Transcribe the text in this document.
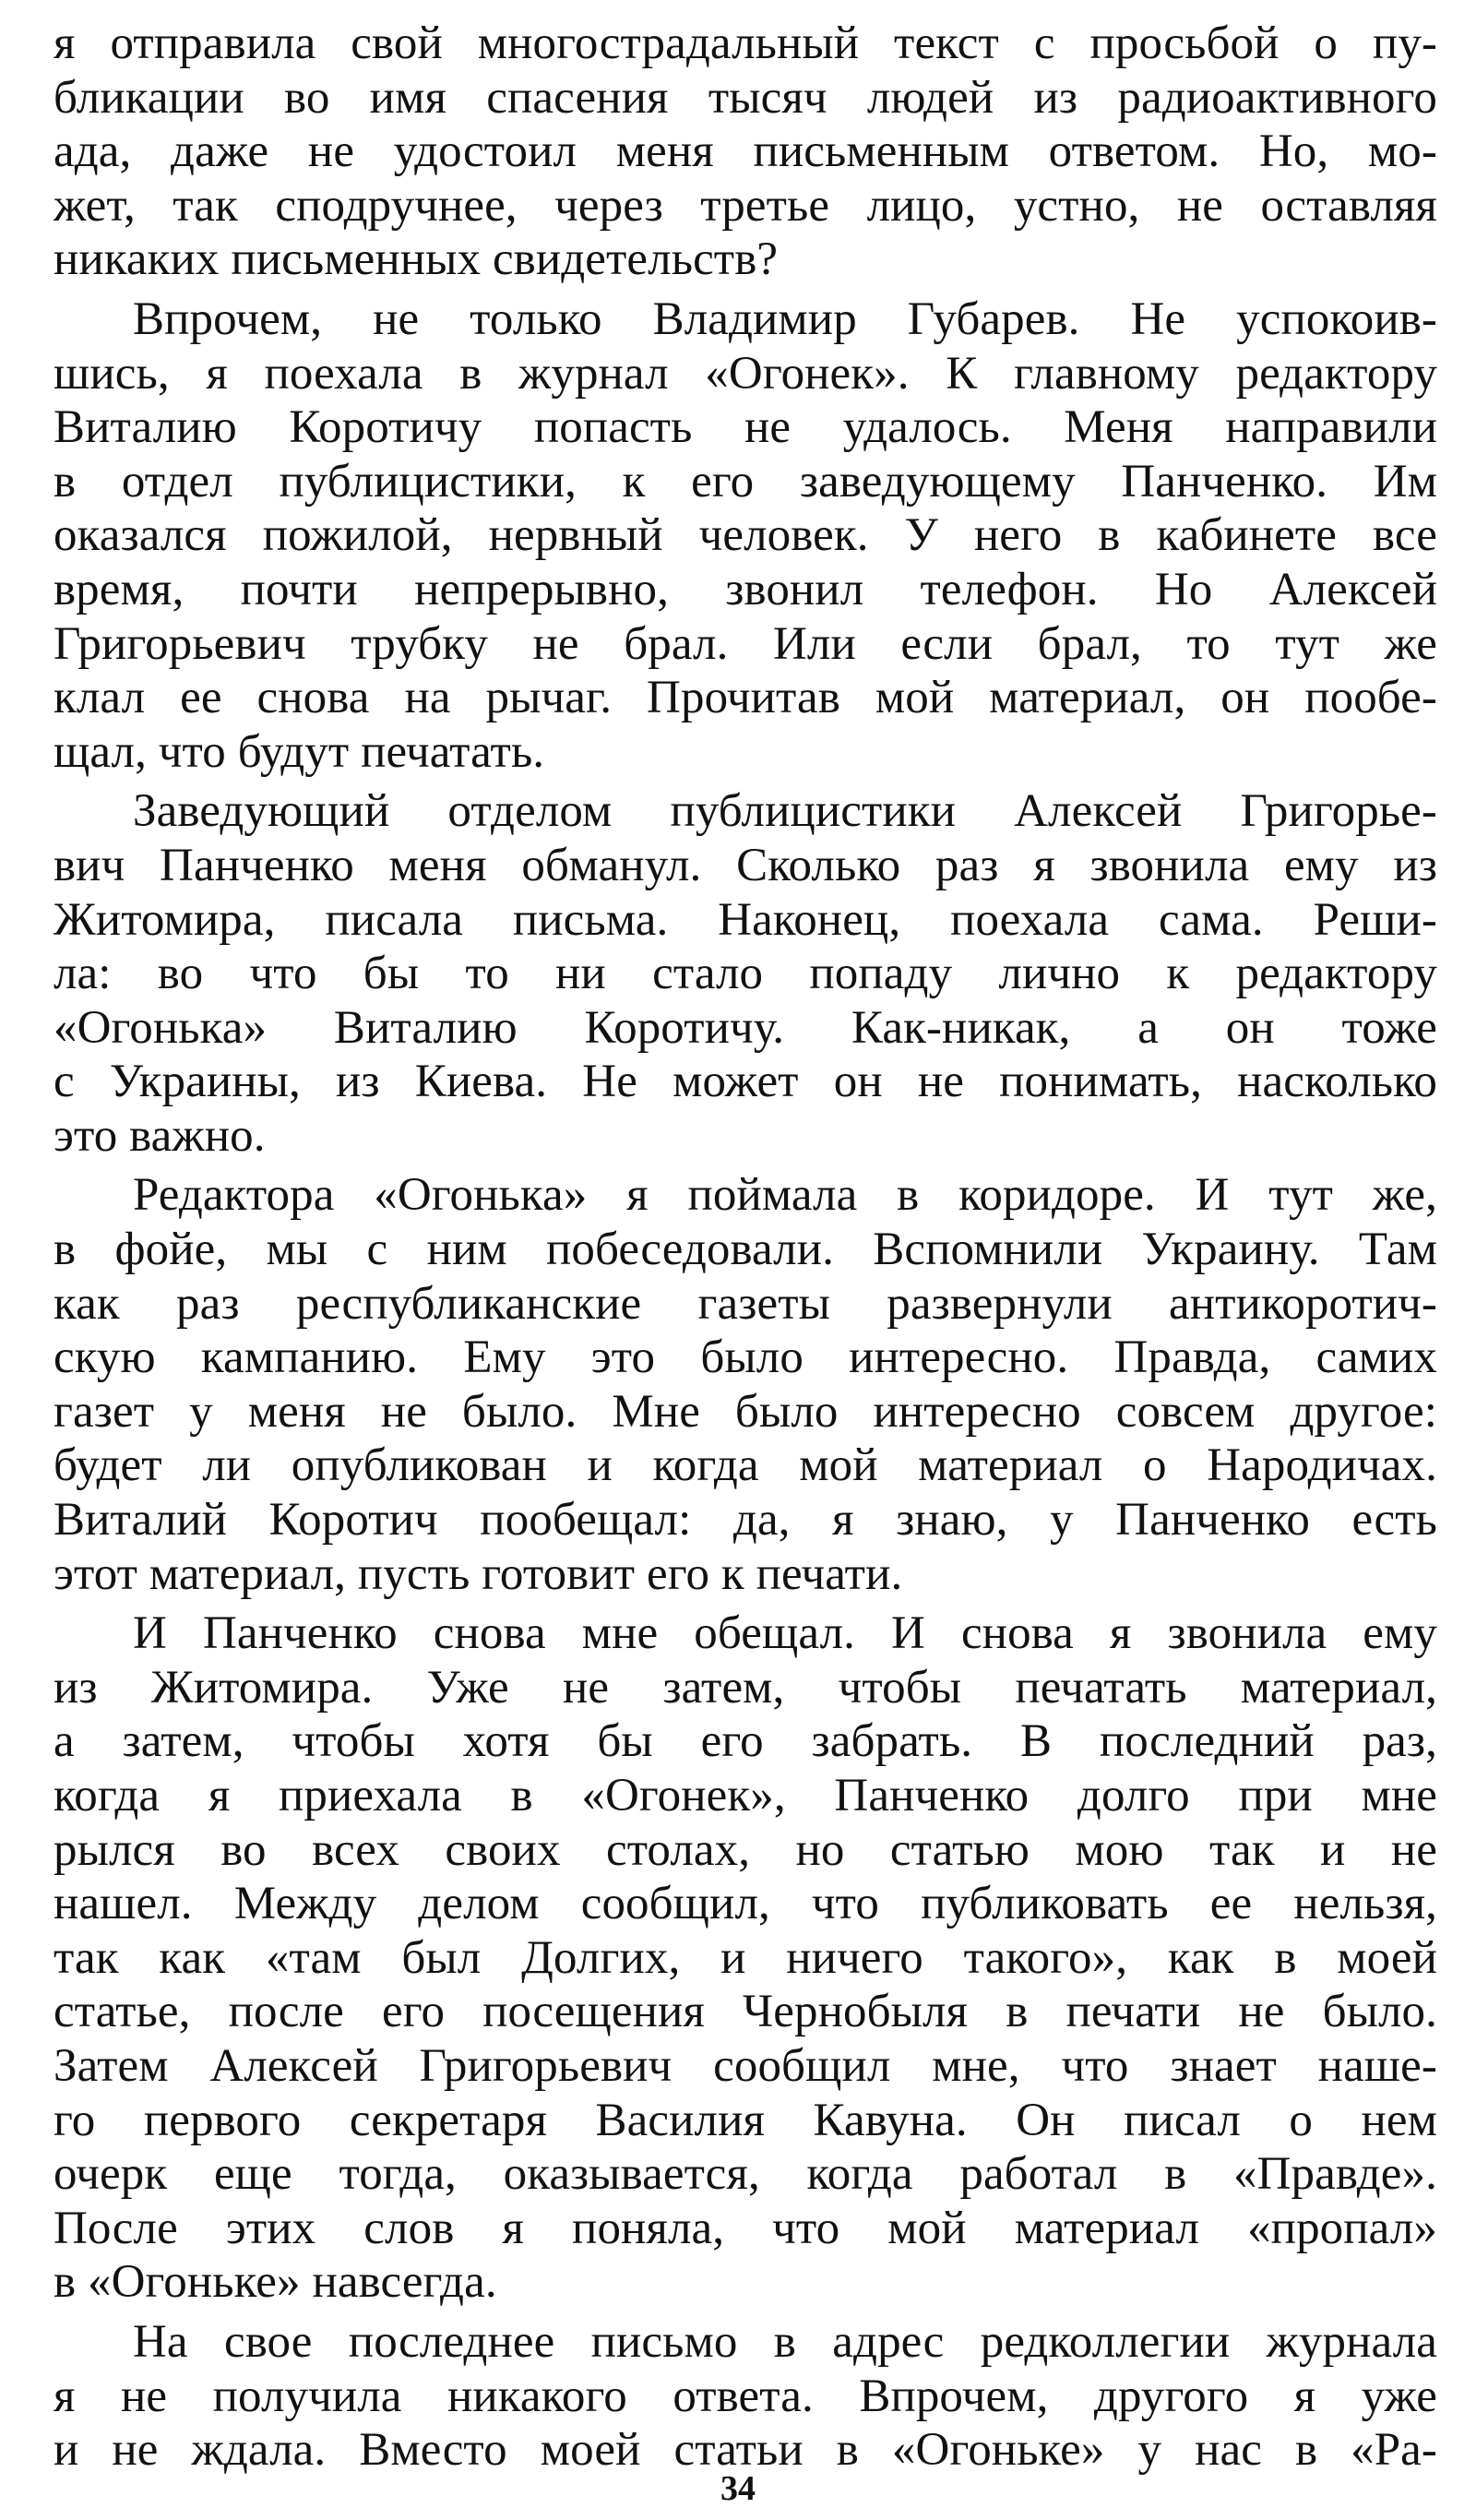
я отправила свой многострадальный текст с просьбой о пу-
бликации во имя спасения тысяч людей из радиоактивного
ада, даже не удостоил меня письменным ответом. Но, мо-
жет, так сподручнее, через третье лицо, устно, не оставляя
никаких письменных свидетельств?
Впрочем, не только Владимир Губарев. Не успокоив-
шись, я поехала в журнал «Огонек». К главному редактору
Виталию Коротичу попасть не удалось. Меня направили
в отдел публицистики, к его заведующему Панченко. Им
оказался пожилой, нервный человек. У него в кабинете все
время, почти непрерывно, звонил телефон. Но Алексей
Григорьевич трубку не брал. Или если брал, то тут же
клал ее снова на рычаг. Прочитав мой материал, он пообе-
щал, что будут печатать.
Заведующий отделом публицистики Алексей Григорье-
вич Панченко меня обманул. Сколько раз я звонила ему из
Житомира, писала письма. Наконец, поехала сама. Реши-
ла: во что бы то ни стало попаду лично к редактору
«Огонька» Виталию Коротичу. Как-никак, а он тоже
с Украины, из Киева. Не может он не понимать, насколько
это важно.
Редактора «Огонька» я поймала в коридоре. И тут же,
в фойе, мы с ним побеседовали. Вспомнили Украину. Там
как раз республиканские газеты развернули антикоротич-
скую кампанию. Ему это было интересно. Правда, самих
газет у меня не было. Мне было интересно совсем другое:
будет ли опубликован и когда мой материал о Народичах.
Виталий Коротич пообещал: да, я знаю, у Панченко есть
этот материал, пусть готовит его к печати.
И Панченко снова мне обещал. И снова я звонила ему
из Житомира. Уже не затем, чтобы печатать материал,
а затем, чтобы хотя бы его забрать. В последний раз,
когда я приехала в «Огонек», Панченко долго при мне
рылся во всех своих столах, но статью мою так и не
нашел. Между делом сообщил, что публиковать ее нельзя,
так как «там был Долгих, и ничего такого», как в моей
статье, после его посещения Чернобыля в печати не было.
Затем Алексей Григорьевич сообщил мне, что знает наше-
го первого секретаря Василия Кавуна. Он писал о нем
очерк еще тогда, оказывается, когда работал в «Правде».
После этих слов я поняла, что мой материал «пропал»
в «Огоньке» навсегда.
На свое последнее письмо в адрес редколлегии журнала
я не получила никакого ответа. Впрочем, другого я уже
и не ждала. Вместо моей статьи в «Огоньке» у нас в «Ра-
34
